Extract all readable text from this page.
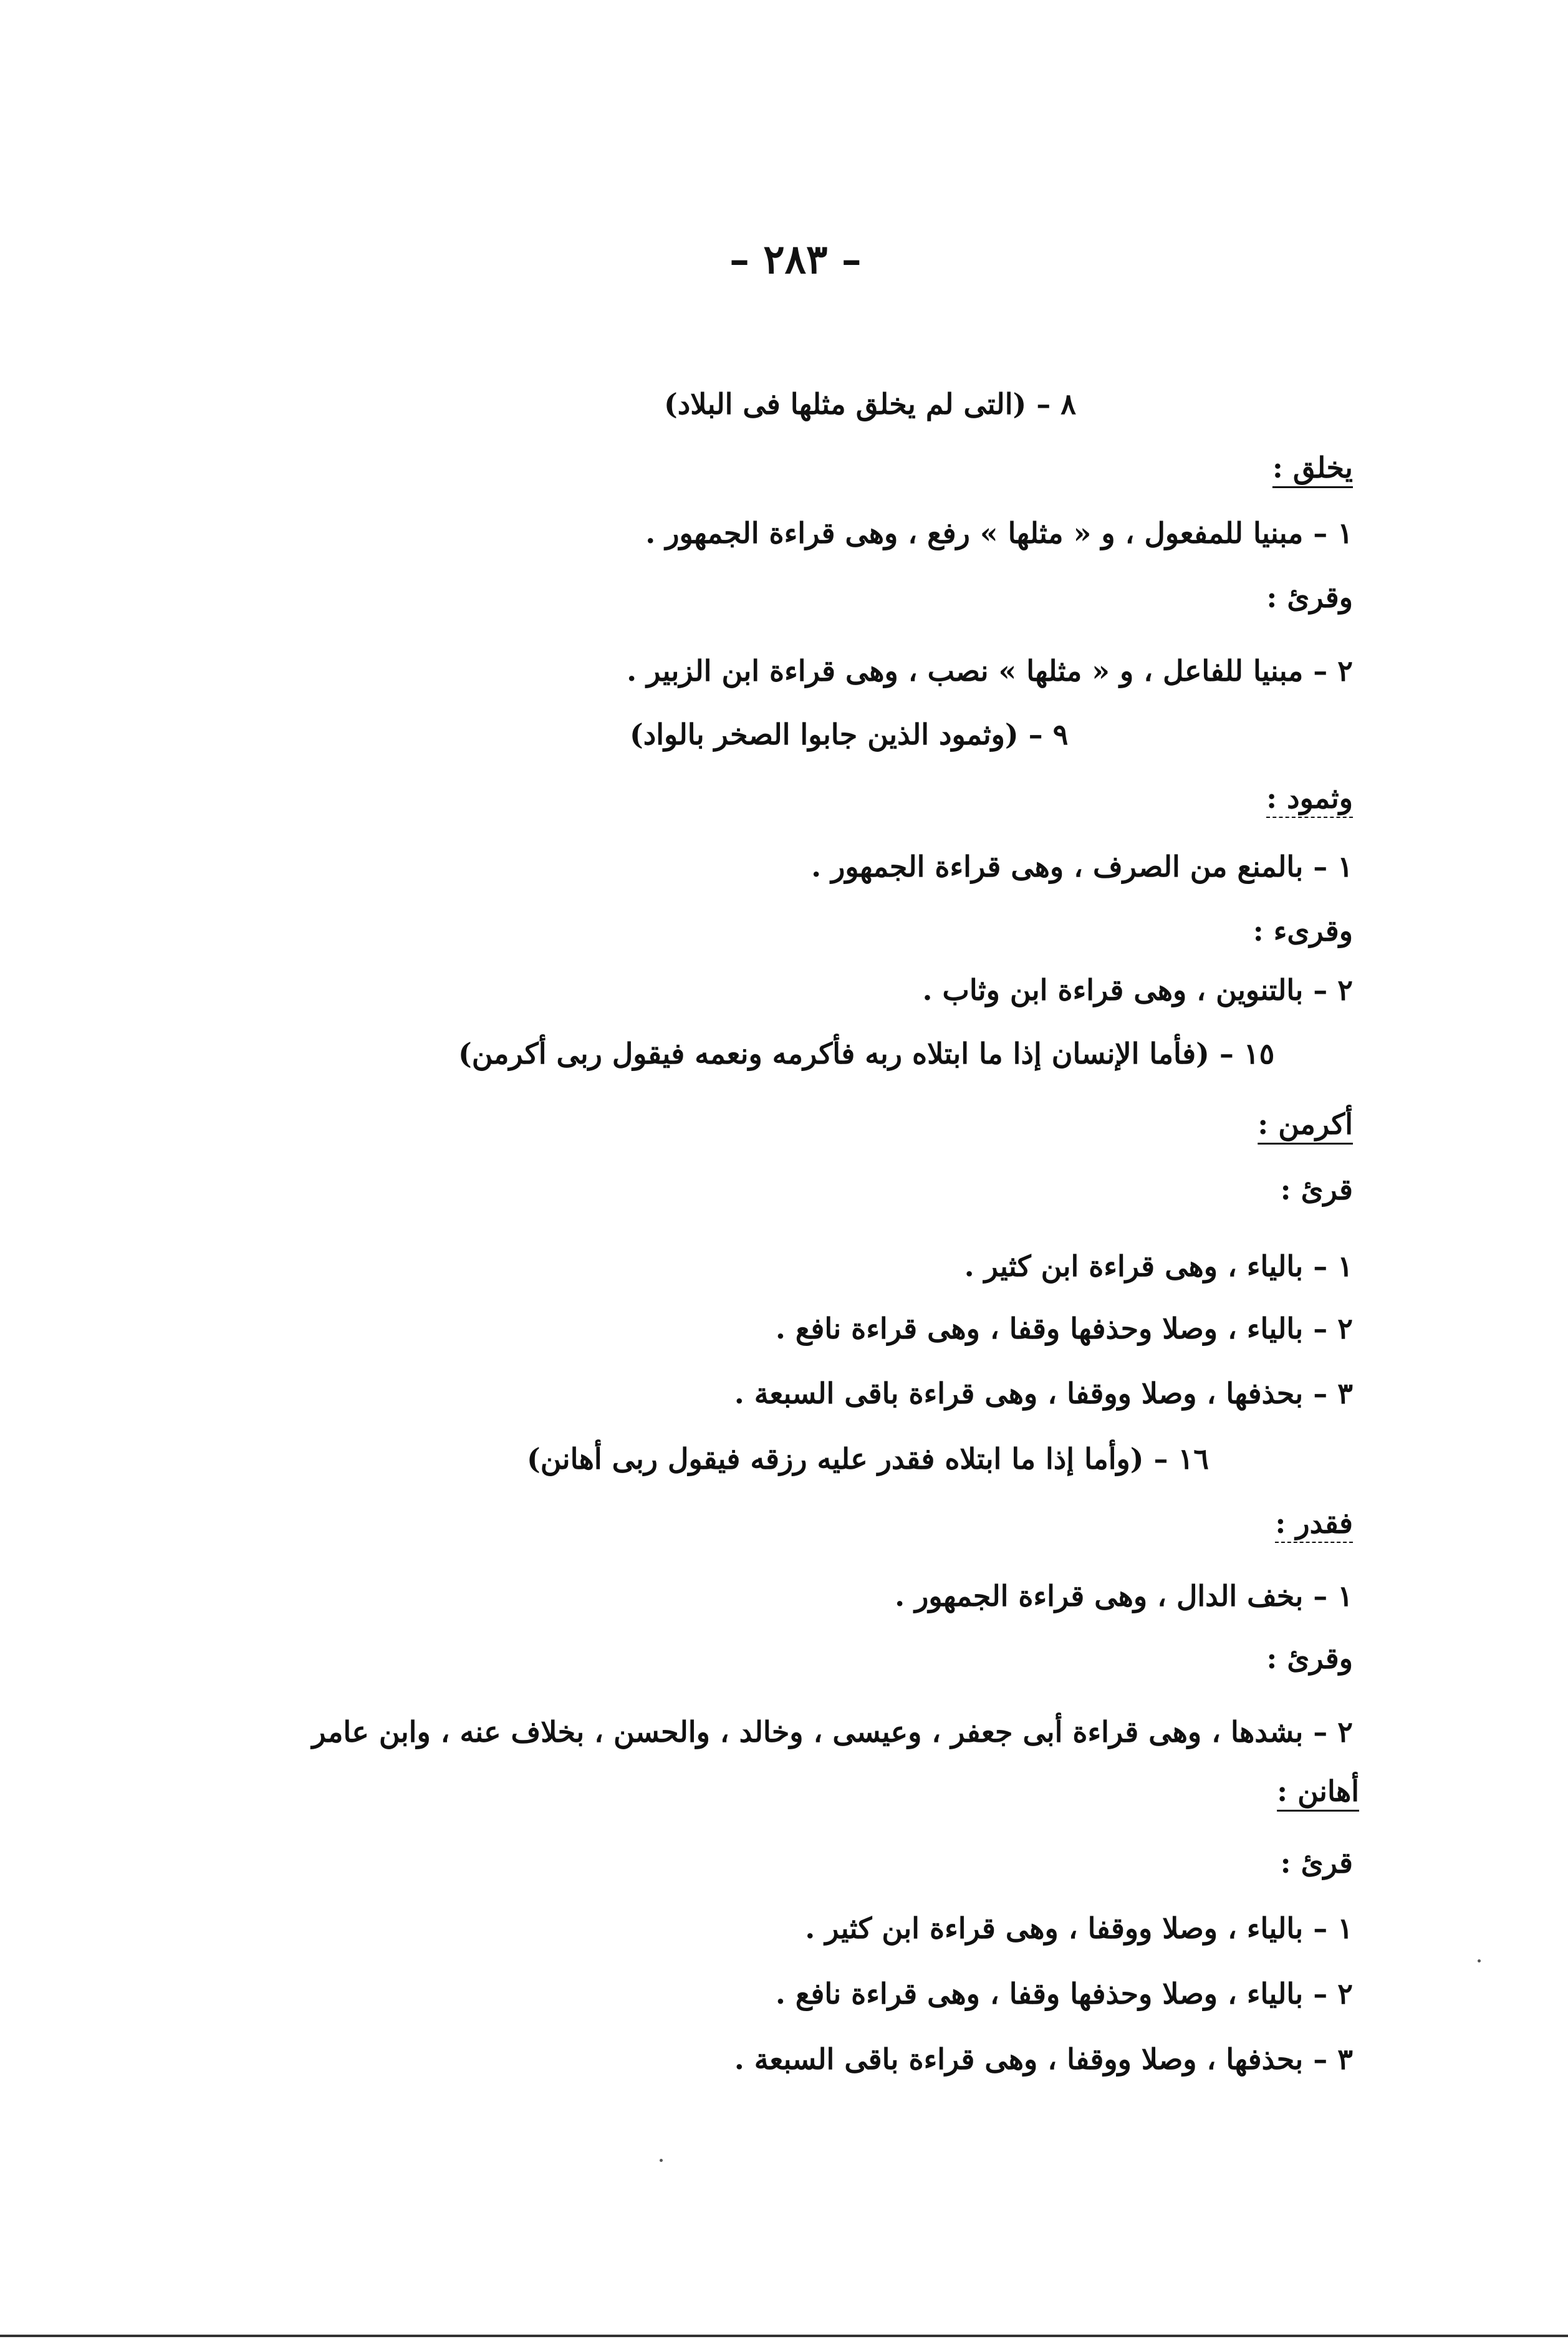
– ٢٨٣ –
٨ – (التى لم يخلق مثلها فى البلاد)
يخلق :
١ – مبنيا للمفعول ، و « مثلها » رفع ، وهى قراءة الجمهور .
وقرئ :
٢ – مبنيا للفاعل ، و « مثلها » نصب ، وهى قراءة ابن الزبير .
٩ – (وثمود الذين جابوا الصخر بالواد)
وثمود :
١ – بالمنع من الصرف ، وهى قراءة الجمهور .
وقرىء :
٢ – بالتنوين ، وهى قراءة ابن وثاب .
١٥ – (فأما الإنسان إذا ما ابتلاه ربه فأكرمه ونعمه فيقول ربى أكرمن)
أكرمن :
قرئ :
١ – بالياء ، وهى قراءة ابن كثير .
٢ – بالياء ، وصلا وحذفها وقفا ، وهى قراءة نافع .
٣ – بحذفها ، وصلا ووقفا ، وهى قراءة باقى السبعة .
١٦ – (وأما إذا ما ابتلاه فقدر عليه رزقه فيقول ربى أهانن)
فقدر :
١ – بخف الدال ، وهى قراءة الجمهور .
وقرئ :
٢ – بشدها ، وهى قراءة أبى جعفر ، وعيسى ، وخالد ، والحسن ، بخلاف عنه ، وابن عامر
أهانن :
قرئ :
١ – بالياء ، وصلا ووقفا ، وهى قراءة ابن كثير .
٢ – بالياء ، وصلا وحذفها وقفا ، وهى قراءة نافع .
٣ – بحذفها ، وصلا ووقفا ، وهى قراءة باقى السبعة .
